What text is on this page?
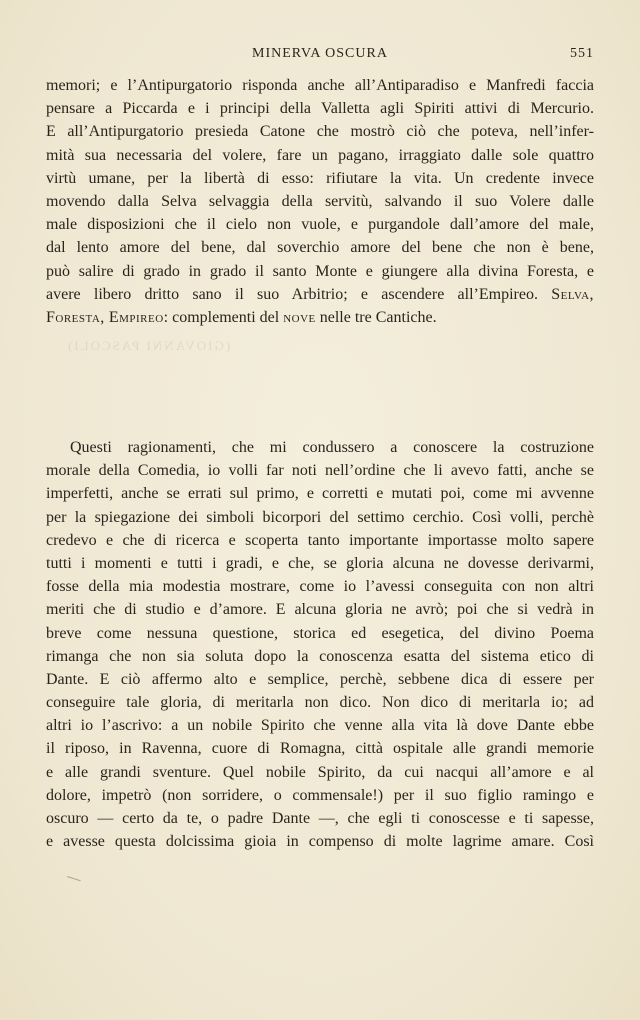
MINERVA OSCURA	551
memori; e l’Antipurgatorio risponda anche all’Antiparadiso e Manfredi faccia
pensare a Piccarda e i principi della Valletta agli Spiriti attivi di Mercurio.
E all’Antipurgatorio presieda Catone che mostrò ciò che poteva, nell’infer-
mità sua necessaria del volere, fare un pagano, irraggiato dalle sole quattro
virtù umane, per la libertà di esso: rifiutare la vita. Un credente invece
movendo dalla Selva selvaggia della servitù, salvando il suo Volere dalle
male disposizioni che il cielo non vuole, e purgandole dall’amore del male,
dal lento amore del bene, dal soverchio amore del bene che non è bene,
può salire di grado in grado il santo Monte e giungere alla divina Foresta, e
avere libero dritto sano il suo Arbitrio; e ascendere all’Empireo. Selva,
Foresta, Empireo: complementi del nove nelle tre Cantiche.
(GIOVANNI PASCOLI)
Questi ragionamenti, che mi condussero a conoscere la costruzione
morale della Comedia, io volli far noti nell’ordine che li avevo fatti, anche se
imperfetti, anche se errati sul primo, e corretti e mutati poi, come mi avvenne
per la spiegazione dei simboli bicorpori del settimo cerchio. Così volli, perchè
credevo e che di ricerca e scoperta tanto importante importasse molto sapere
tutti i momenti e tutti i gradi, e che, se gloria alcuna ne dovesse derivarmi,
fosse della mia modestia mostrare, come io l’avessi conseguita con non altri
meriti che di studio e d’amore. E alcuna gloria ne avrò; poi che si vedrà in
breve come nessuna questione, storica ed esegetica, del divino Poema
rimanga che non sia soluta dopo la conoscenza esatta del sistema etico di
Dante. E ciò affermo alto e semplice, perchè, sebbene dica di essere per
conseguire tale gloria, di meritarla non dico. Non dico di meritarla io; ad
altri io l’ascrivo: a un nobile Spirito che venne alla vita là dove Dante ebbe
il riposo, in Ravenna, cuore di Romagna, città ospitale alle grandi memorie
e alle grandi sventure. Quel nobile Spirito, da cui nacqui all’amore e al
dolore, impetrò (non sorridere, o commensale!) per il suo figlio ramingo e
oscuro — certo da te, o padre Dante —, che egli ti conoscesse e ti sapesse,
e avesse questa dolcissima gioia in compenso di molte lagrime amare. Così
